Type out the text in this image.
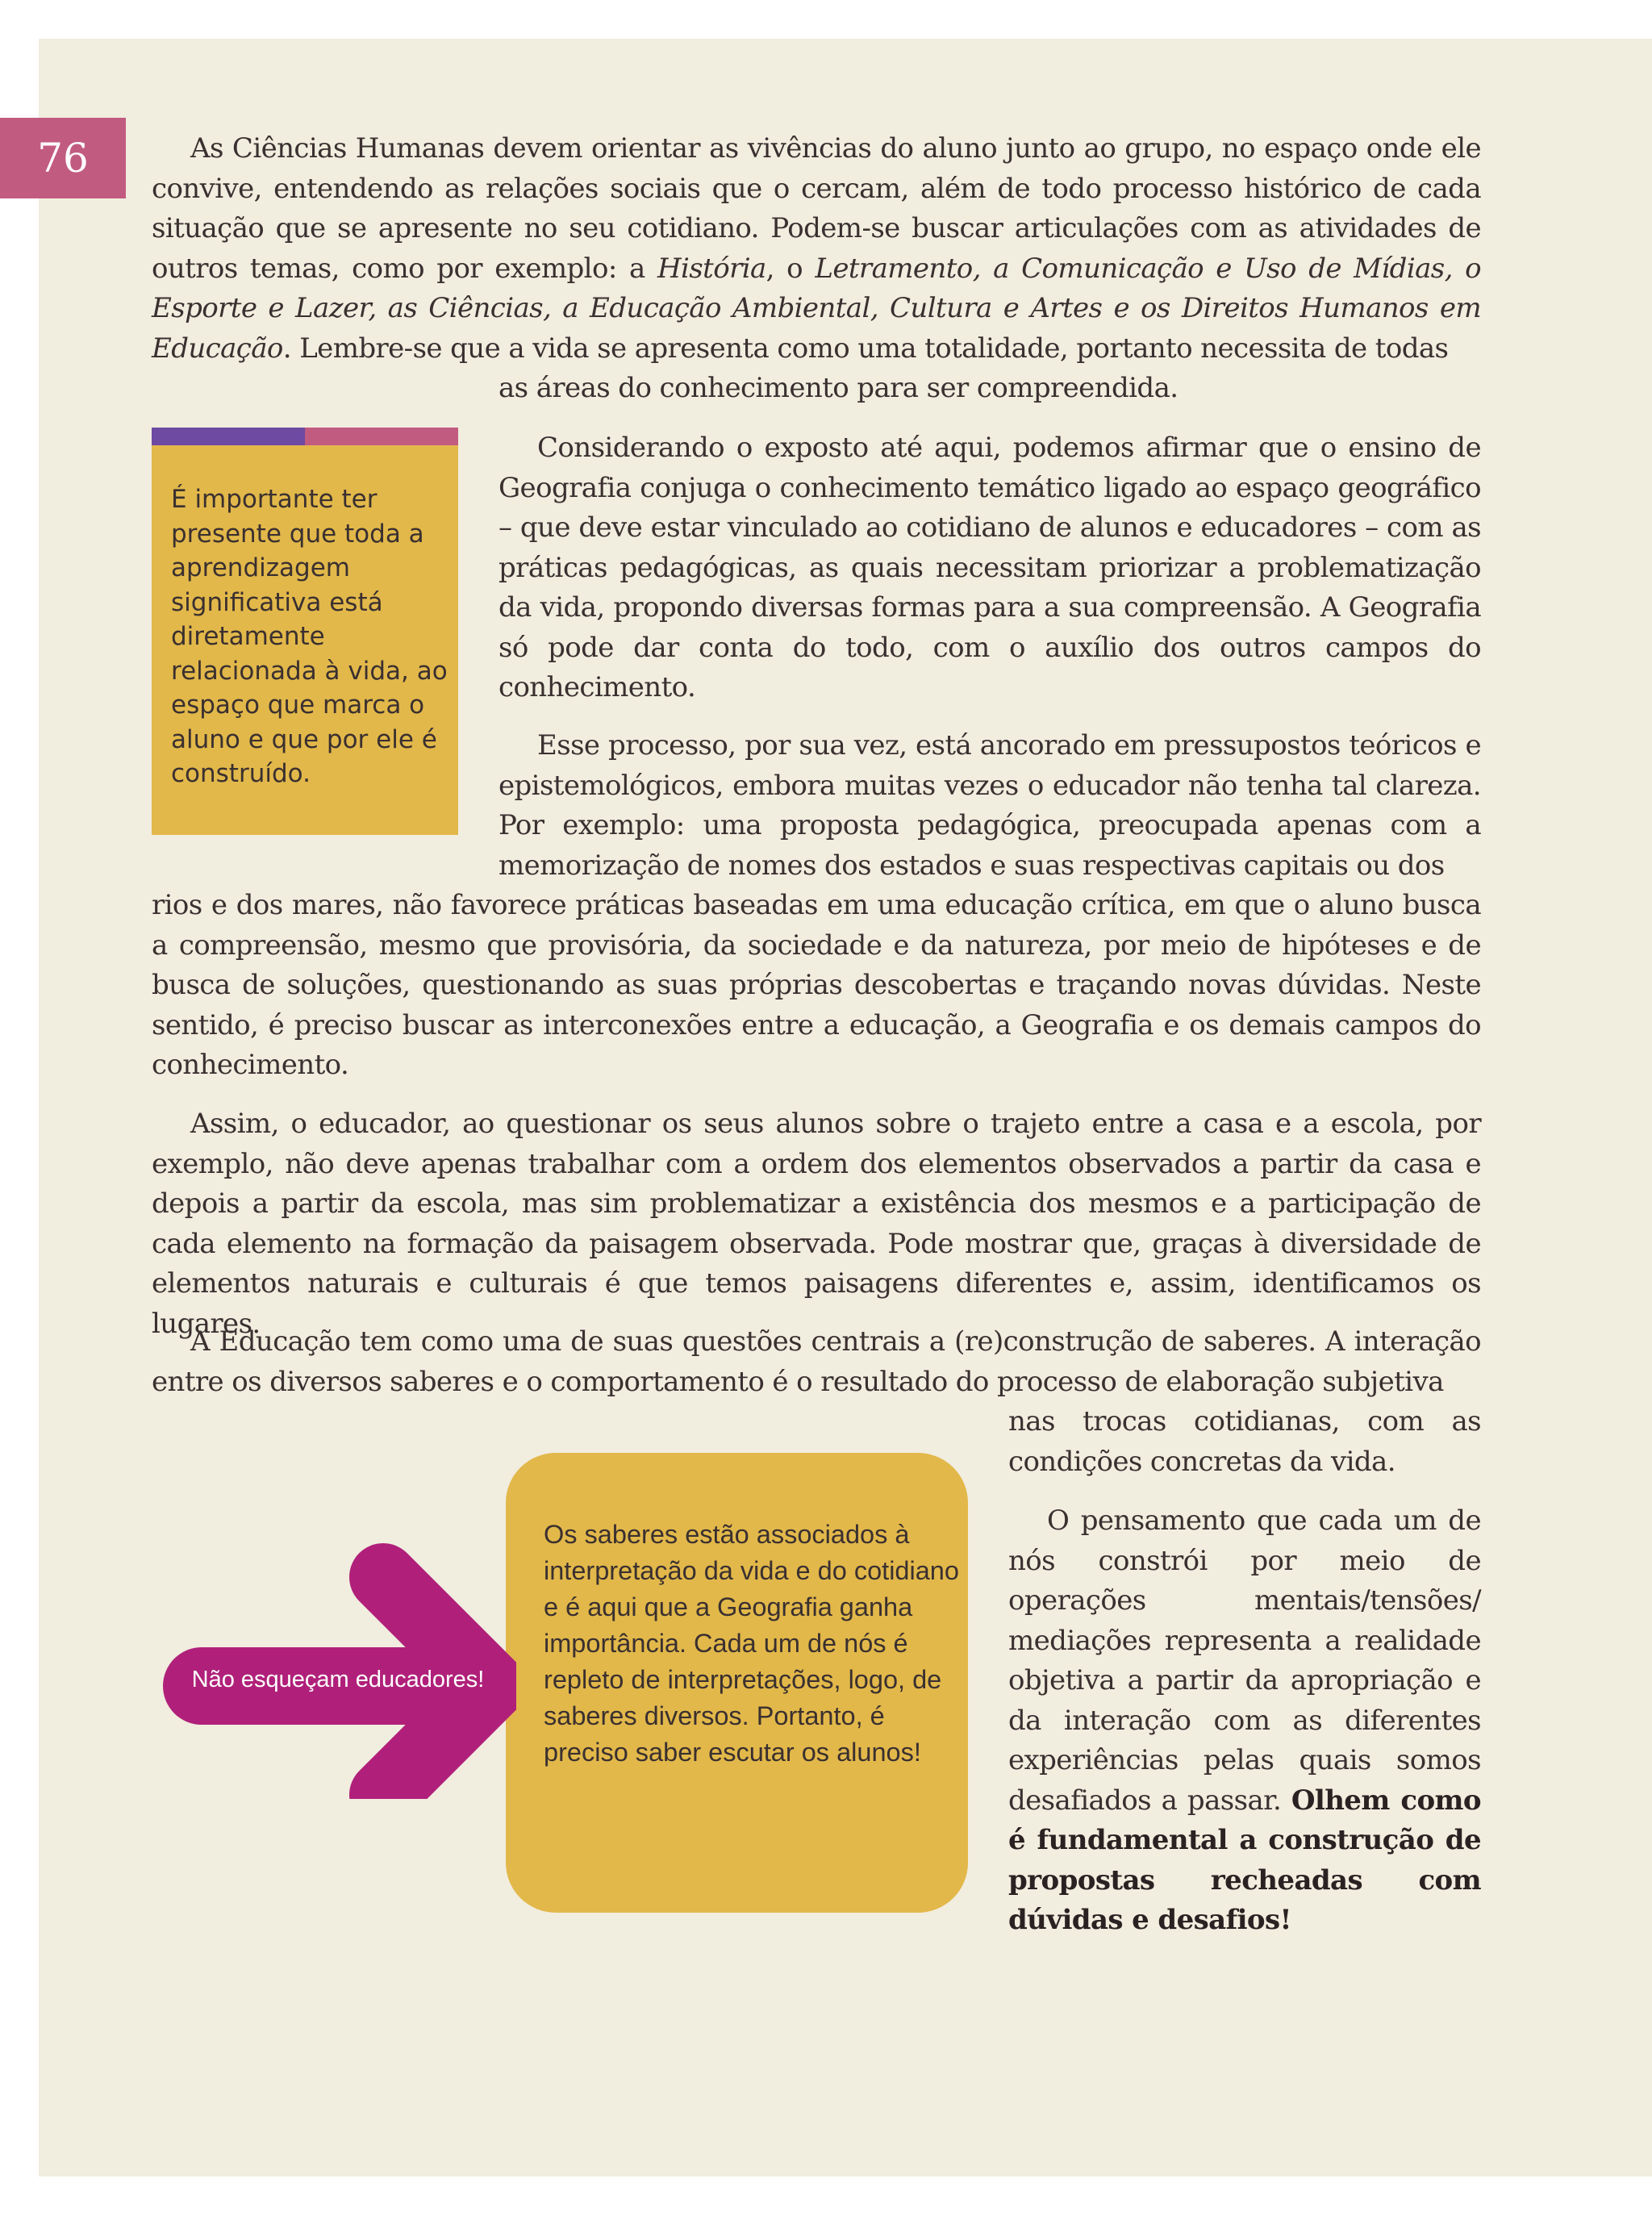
76	As Ciências Humanas devem orientar as vivências do aluno junto ao grupo, no espaço onde ele convive, entendendo as relações sociais que o cercam, além de todo processo histórico de cada situação que se apresente no seu cotidiano. Podem-se buscar articulações com as atividades de outros temas, como por exemplo: a História, o Letramento, a Comunicação e Uso de Mídias, o Esporte e Lazer, as Ciências, a Educação Ambiental, Cultura e Artes e os Direitos Humanos em Educação. Lembre-se que a vida se apresenta como uma totalidade, portanto necessita de todas

as áreas do conhecimento para ser compreendida.

É importante ter presente que toda a aprendizagem significativa está diretamente relacionada à vida, ao espaço que marca o aluno e que por ele é construído.

Considerando o exposto até aqui, podemos afirmar que o ensino de Geografia conjuga o conhecimento temático ligado ao espaço geográfico – que deve estar vinculado ao cotidiano de alunos e educadores – com as práticas pedagógicas, as quais necessitam priorizar a problematização da vida, propondo diversas formas para a sua compreensão. A Geografia só pode dar conta do todo, com o auxílio dos outros campos do conhecimento.

Esse processo, por sua vez, está ancorado em pressupostos teóricos e epistemológicos, embora muitas vezes o educador não tenha tal clareza. Por exemplo: uma proposta pedagógica, preocupada apenas com a memorização de nomes dos estados e suas respectivas capitais ou dos

rios e dos mares, não favorece práticas baseadas em uma educação crítica, em que o aluno busca a compreensão, mesmo que provisória, da sociedade e da natureza, por meio de hipóteses e de busca de soluções, questionando as suas próprias descobertas e traçando novas dúvidas. Neste sentido, é preciso buscar as interconexões entre a educação, a Geografia e os demais campos do conhecimento.

Assim, o educador, ao questionar os seus alunos sobre o trajeto entre a casa e a escola, por exemplo, não deve apenas trabalhar com a ordem dos elementos observados a partir da casa e depois a partir da escola, mas sim problematizar a existência dos mesmos e a participação de cada elemento na formação da paisagem observada. Pode mostrar que, graças à diversidade de elementos naturais e culturais é que temos paisagens diferentes e, assim, identificamos os lugares.

A Educação tem como uma de suas questões centrais a (re)construção de saberes. A interação entre os diversos saberes e o comportamento é o resultado do processo de elaboração subjetiva

nas trocas cotidianas, com as condições concretas da vida.

O pensamento que cada um de nós constrói por meio de operações mentais/tensões/ mediações representa a realidade objetiva a partir da apropriação e da interação com as diferentes experiências pelas quais somos desafiados a passar. Olhem como é fundamental a construção de propostas recheadas com dúvidas e desafios!

Os saberes estão associados à interpretação da vida e do cotidiano e é aqui que a Geografia ganha importância. Cada um de nós é repleto de interpretações, logo, de saberes diversos. Portanto, é preciso saber escutar os alunos!

Não esqueçam educadores!
